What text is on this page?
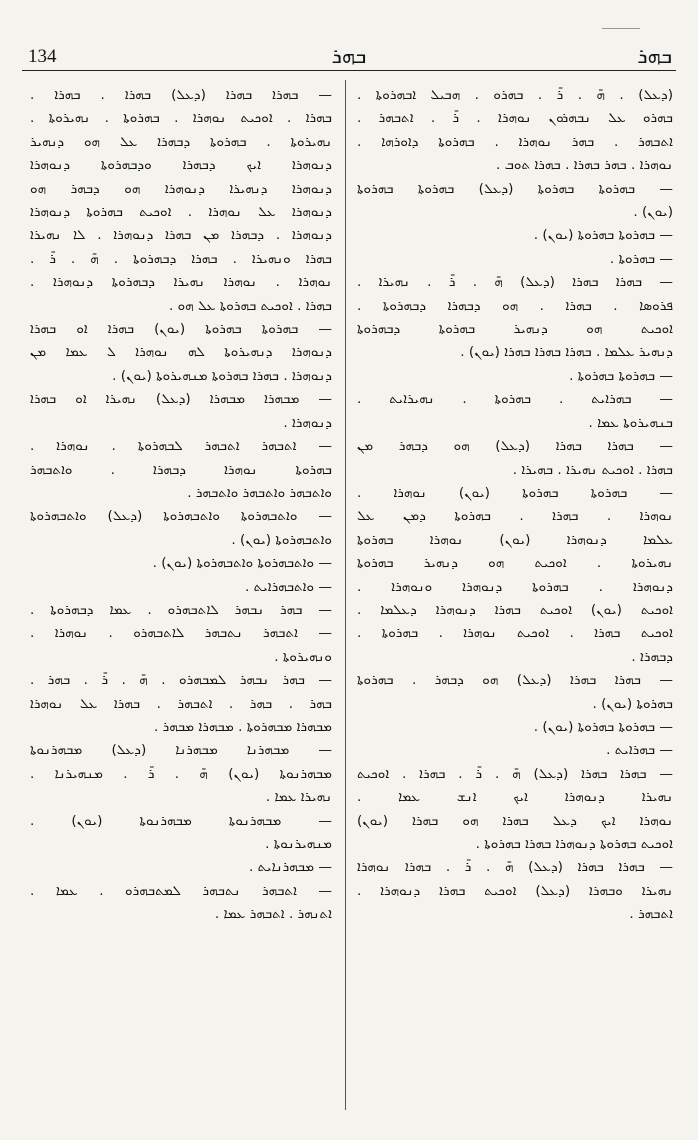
134	ܒܗܪ	ܒܗܪ
(ܕܥܠ) . ܗ̄ . ܪ̄ . ܒܗܪܘ . ܗܒܝܠ ܐܒܗܪܘܬܐ .
ܒܗܪܘ ܥܠ ܢܒܗܪܘܢ ܢܘܗܪܐ . ܪ̄ . ܐܬܒܗܪ .
ܐܬܒܗܪ . ܒܗܪ ܢܘܗܪܐ . ܒܗܪܘܬܐ ܕܐܘܪܗܐ .
ܢܘܗܪܐ . ܒܗܪ ܒܗܪܐ . ܒܗܪܐ ܬܘܒ .
— ܒܗܪܘܬܐ ܒܗܪܘܬܐ (ܕܥܠ) ܒܗܪܘܬܐ ܒܗܪܘܬܐ
(ܝܘܢ) .
— ܒܗܪܘܬܐ ܒܗܪܘܬܐ (ܝܘܢ) .
— ܒܗܪܘܬܐ .
— ܒܗܪܐ ܒܗܪܐ (ܕܥܠ) ܗ̄ . ܪ̄ . ܢܗܝܪܐ .
ܦܪܘܣܐ . ܒܗܪܐ . ܗܘ ܕܒܗܪܐ ܕܒܗܪܘܬܐ .
ܐܘܟܝܬ ܗܘ ܕܢܗܝܪ ܒܗܪܘܬܐ ܕܒܗܪܘܬܐ
ܕܢܗܝܪ ܥܠܡܐ . ܒܗܪܐ ܒܗܪܐ ܒܗܪܐ (ܝܘܢ) .
— ܒܗܪܘܬܐ ܒܗܪܘܬܐ .
— ܒܗܪܐܝܬ . ܒܗܪܘܬܐ . ܢܗܝܪܐܝܬ .
ܒܢܗܝܪܘܬܐ ܥܡܐ .
— ܒܗܪܐ ܒܗܪܐ (ܕܥܠ) ܗܘ ܕܒܗܪ ܡܢ
ܒܗܪܐ . ܐܘܟܝܬ ܢܗܝܪܐ . ܒܗܝܪܐ .
— ܒܗܪܘܬܐ ܒܗܪܘܬܐ (ܝܘܢ) ܢܘܗܪܐ .
ܢܘܗܪܐ . ܒܗܪܐ . ܒܗܪܘܬܐ ܕܡܢ ܥܠ
ܥܠܡܐ ܕܢܘܗܪܐ (ܝܘܢ) ܢܘܗܪܐ ܒܗܪܘܬܐ
ܢܗܝܪܘܬܐ . ܐܘܟܝܬ ܗܘ ܕܢܗܝܪ ܒܗܪܘܬܐ
ܕܢܘܗܪܐ . ܒܗܪܘܬܐ ܕܢܘܗܪܐ ܘܢܘܗܪܐ .
ܐܘܟܝܬ (ܝܘܢ) ܐܘܟܝܬ ܒܗܪܐ ܕܢܘܗܪܐ ܕܥܠܡܐ .
ܐܘܟܝܬ ܒܗܪܐ . ܐܘܟܝܬ ܢܘܗܪܐ . ܒܗܪܘܬܐ .
ܕܒܗܪܐ .
— ܒܗܪܐ ܒܗܪܐ (ܕܥܠ) ܗܘ ܕܒܗܪ . ܒܗܪܘܬܐ
ܒܗܪܘܬܐ (ܝܘܢ) .
— ܒܗܪܘܬܐ ܒܗܪܘܬܐ (ܝܘܢ) .
— ܒܗܪܐܝܬ .
— ܒܗܪܐ ܒܗܪܐ (ܕܥܠ) ܗ̄ . ܪ̄ . ܒܗܪܐ . ܐܘܟܝܬ
ܢܗܝܪܐ ܕܢܘܗܪܐ ܐܝܟ ܐܢܫ ܥܡܐ .
ܢܘܗܪܐ ܐܝܟ ܕܥܠ ܒܗܪܐ ܗܘ ܒܗܪܐ (ܝܘܢ)
ܐܘܟܝܬ ܒܗܪܘܬܐ ܕܢܘܗܪܐ ܒܗܪܐ ܒܗܪܘܬܐ .
— ܒܗܪܐ ܒܗܪܐ (ܕܥܠ) ܗ̄ . ܪ̄ . ܒܗܪܐ ܢܘܗܪܐ
ܢܗܝܪܐ ܘܒܗܪܐ (ܕܥܠ) ܐܘܟܝܬ ܒܗܪܐ ܕܢܘܗܪܐ .
ܐܬܒܗܪ .
— ܒܗܪܐ ܒܗܪܐ (ܕܥܠ) ܒܗܪܐ . ܒܗܪܐ .
ܒܗܪܐ . ܐܘܟܝܬ ܢܘܗܪܐ . ܒܗܪܘܬܐ . ܢܗܝܪܘܬܐ .
ܢܗܝܪܘܬܐ . ܒܗܪܘܬܐ ܕܒܗܪܐ ܥܠ ܗܘ ܕܢܗܝܪ
ܕܢܘܗܪܐ ܐܝܟ ܕܒܗܪܐ ܘܕܒܗܪܘܬܐ ܕܢܘܗܪܐ
ܕܢܘܗܪܐ ܕܢܗܝܪܐ ܕܢܘܗܪܐ ܗܘ ܕܒܗܪ ܗܘ
ܕܢܘܗܪܐ ܥܠ ܢܘܗܪܐ . ܐܘܟܝܬ ܒܗܪܘܬܐ ܕܢܘܗܪܐ
ܕܢܘܗܪܐ . ܕܒܗܪܐ ܡܢ ܒܗܪܐ ܕܢܘܗܪܐ . ܠܐ ܢܗܝܪܐ
ܒܗܪܐ ܘܢܗܝܪܐ . ܒܗܪܐ ܕܒܗܪܘܬܐ . ܗ̄ . ܪ̄ .
ܢܘܗܪܐ . ܢܘܗܪܐ ܢܗܝܪܐ ܕܒܗܪܘܬܐ ܕܢܘܗܪܐ .
ܒܗܪܐ . ܐܘܟܝܬ ܒܗܪܘܬܐ ܥܠ ܗܘ .
— ܒܗܪܘܬܐ ܒܗܪܘܬܐ (ܝܘܢ) ܒܗܪܐ ܐܘ ܒܗܪܐ
ܕܢܘܗܪܐ ܕܢܗܝܪܘܬܐ ܠܗ ܢܘܗܪܐ ܠ ܥܡܐ ܡܢ
ܕܢܘܗܪܐ . ܒܗܪܐ ܒܗܪܘܬܐ ܡܢܗܝܪܘܬܐ (ܝܘܢ) .
— ܡܒܗܪܐ ܡܒܗܪܐ (ܕܥܠ) ܢܗܝܪܐ ܐܘ ܒܗܪܐ
ܕܢܘܗܪܐ .
— ܐܬܒܗܪ ܐܬܒܗܪ ܠܒܗܪܘܬܐ . ܢܘܗܪܐ .
ܒܗܪܘܬܐ ܢܘܗܪܐ ܕܒܗܪܐ . ܘܐܬܒܗܪ
ܘܐܬܒܗܪ ܘܐܬܒܗܪ ܘܐܬܒܗܪ .
— ܘܐܬܒܗܪܘܬܐ ܘܐܬܒܗܪܘܬܐ (ܕܥܠ) ܘܐܬܒܗܪܘܬܐ
ܘܐܬܒܗܪܘܬܐ (ܝܘܢ) .
— ܘܐܬܒܗܪܘܬܐ ܘܐܬܒܗܪܘܬܐ (ܝܘܢ) .
— ܘܐܬܒܗܪܐܝܬ .
— ܒܗܪ ܢܒܗܪ ܠܐܬܒܗܪܘ . ܥܡܐ ܕܒܗܪܘܬܐ .
— ܐܬܒܗܪ ܢܬܒܗܪ ܠܐܬܒܗܪܘ . ܢܘܗܪܐ .
ܘܢܗܝܪܘܬܐ .
— ܒܗܪ ܢܒܗܪ ܠܡܒܗܪܘ . ܗ̄ . ܪ̄ . ܒܗܪ .
ܒܗܪ . ܒܗܪ . ܐܬܒܗܪ . ܒܗܪܐ ܥܠ ܢܘܗܪܐ
ܡܒܗܪܐ ܡܒܗܪܘܬܐ . ܡܒܗܪܐ ܡܒܗܪ .
— ܡܒܗܪܢܐ ܡܒܗܪܢܐ (ܕܥܠ) ܡܒܗܪܢܘܬܐ
ܡܒܗܪܢܘܬܐ (ܝܘܢ) ܗ̄ . ܪ̄ . ܡܢܗܝܪܢܐ .
ܢܗܝܪܐ ܥܡܐ .
— ܡܒܗܪܢܘܬܐ ܡܒܗܪܢܘܬܐ (ܝܘܢ) .
ܡܢܗܝܪܢܘܬܐ .
— ܡܒܗܪܢܐܝܬ .
— ܐܬܒܗܪ ܢܬܒܗܪ ܠܡܬܒܗܪܘ . ܥܡܐ .
ܐܬܢܗܪ . ܐܬܒܗܪ ܥܡܐ .
